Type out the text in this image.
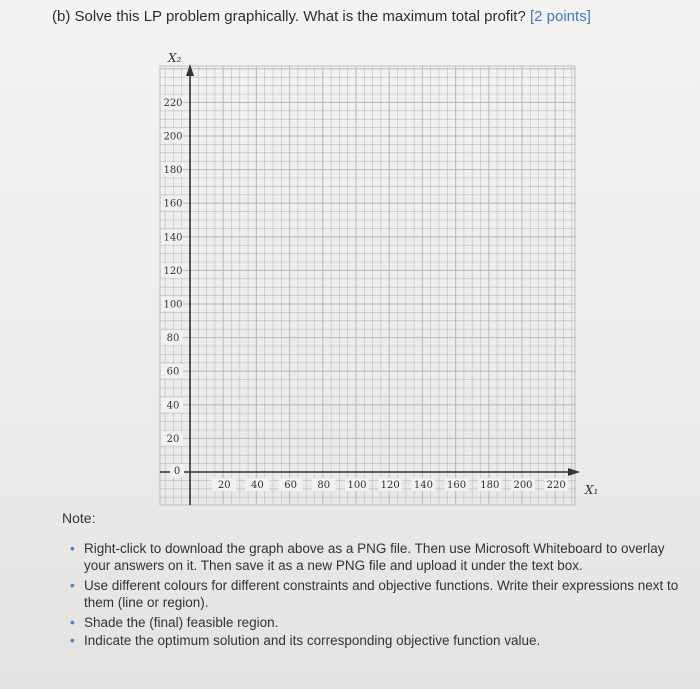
(b) Solve this LP problem graphically. What is the maximum total profit? [2 points]
220
200
180
160
140
120
100
80
60
40
20
0
20 40 60 80 100 120 140 160 180 200 220
X₂
X₁
Note:
• Right-click to download the graph above as a PNG file. Then use Microsoft Whiteboard to overlay your answers on it. Then save it as a new PNG file and upload it under the text box.
• Use different colours for different constraints and objective functions. Write their expressions next to them (line or region).
• Shade the (final) feasible region.
• Indicate the optimum solution and its corresponding objective function value.
